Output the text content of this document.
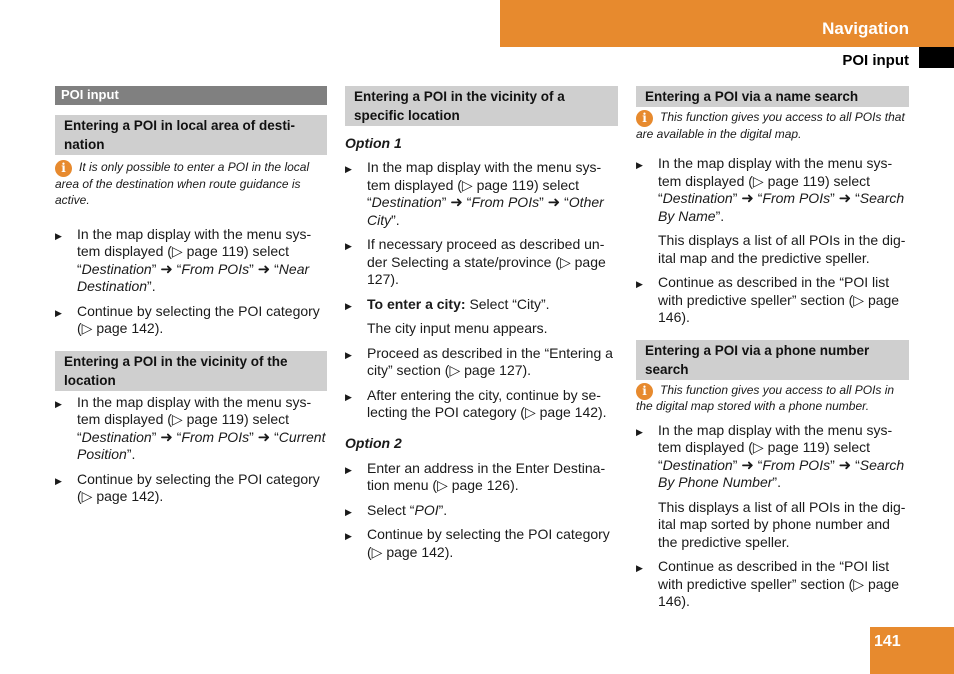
Navigation
POI input
POI input
Entering a POI in local area of desti-nation
i	It is only possible to enter a POI in the local area of the destination when route guidance is active.
▶ In the map display with the menu sys-tem displayed (▷ page 119) select “Destination” ➜ “From POIs” ➜ “Near Destination”.
▶ Continue by selecting the POI category (▷ page 142).
Entering a POI in the vicinity of the location
▶ In the map display with the menu sys-tem displayed (▷ page 119) select “Destination” ➜ “From POIs” ➜ “Current Position”.
▶ Continue by selecting the POI category (▷ page 142).
Entering a POI in the vicinity of a specific location
Option 1
▶ In the map display with the menu sys-tem displayed (▷ page 119) select “Destination” ➜ “From POIs” ➜ “Other City”.
▶ If necessary proceed as described un-der Selecting a state/province (▷ page 127).
▶ To enter a city: Select “City”.
The city input menu appears.
▶ Proceed as described in the “Entering a city” section (▷ page 127).
▶ After entering the city, continue by se-lecting the POI category (▷ page 142).
Option 2
▶ Enter an address in the Enter Destina-tion menu (▷ page 126).
▶ Select “POI”.
▶ Continue by selecting the POI category (▷ page 142).
Entering a POI via a name search
i	This function gives you access to all POIs that are available in the digital map.
▶ In the map display with the menu sys-tem displayed (▷ page 119) select “Destination” ➜ “From POIs” ➜ “Search By Name”.
This displays a list of all POIs in the dig-ital map and the predictive speller.
▶ Continue as described in the “POI list with predictive speller” section (▷ page 146).
Entering a POI via a phone number search
i	This function gives you access to all POIs in the digital map stored with a phone number.
▶ In the map display with the menu sys-tem displayed (▷ page 119) select “Destination” ➜ “From POIs” ➜ “Search By Phone Number”.
This displays a list of all POIs in the dig-ital map sorted by phone number and the predictive speller.
▶ Continue as described in the “POI list with predictive speller” section (▷ page 146).
141
